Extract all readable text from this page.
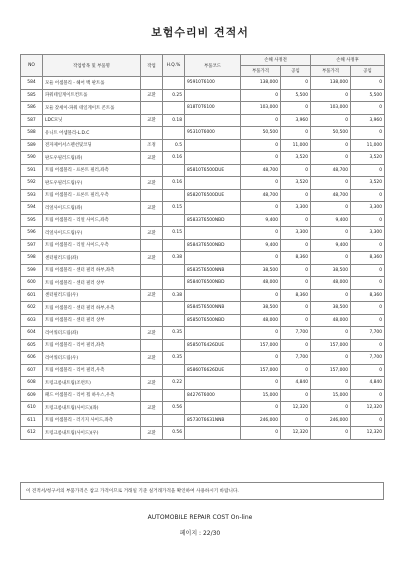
보험수리비 견적서
NO	작업항목 및 부품명	작업	H.Q.%	부품코드	손해 사정전		손해 사정후	
					부품가격	공임	부품가격	공임
584	모듈 어셈블리 - 헤어 백 판트롤			95910T6100	138,000	0	138,000	0
585	파워테일게이트컨트롤	교환	0.25		0	5,500	0	5,500
586	모듈 잦세이-파워 테일게이트 콘트롤			818T0T6100	103,000	0	103,000	0
587	LDC모닛	교환	0.18		0	3,960	0	3,960
588	유니트 어셈블리-L.D.C			95310T6000	50,500	0	50,500	0
589	전자제어서스펜션및코딩	조정	0.5		0	11,000	0	11,000
590	판도우필러드림(좌)	교환	0.16		0	3,520	0	3,520
591	트림 어셈블리 - 프론트 필러,좌측			85810T6500DUE	48,700	0	48,700	0
592	판도우필러드림(우)	교환	0.16		0	3,520	0	3,520
593	트림 어셈블리 - 프론트 필러,우측			85820T6500DUE	48,700	0	48,700	0
594	리얼사이드드림(좌)	교환	0.15		0	3,300	0	3,300
595	트림 어셈블리 - 리얼 사이드,좌측			85833T6500NBD	9,400	0	9,400	0
596	리얼사이드드림(우)	교환	0.15		0	3,300	0	3,300
597	트림 어셈블리 - 리얼 사이드,우측			85843T6500NBD	9,400	0	9,400	0
598	센터필러드림(좌)	교환	0.38		0	8,360	0	8,360
599	트림 어셈블리 - 센터 필러 하부,좌측			85835T6500NNB	38,500	0	38,500	0
600	트림 어셈블리 - 센터 필러 상부			85840T6500NBD	48,000	0	48,000	0
601	센터필러드림(우)	교환	0.38		0	8,360	0	8,360
602	트림 어셈블리 - 센터 필러 하부,우측			85845T6500NNB	38,500	0	38,500	0
603	트림 어셈블리 - 센터 필러 상부			85850T6500NBD	48,000	0	48,000	0
604	리어쿼터드림(좌)	교환	0.35		0	7,700	0	7,700
605	트림 어셈블리 - 리어 필러,좌측			85850T6426DUE	157,000	0	157,000	0
606	리어쿼터드림(우)	교환	0.35		0	7,700	0	7,700
607	트림 어셈블리 - 리어 필러,우측			85860T6626DUE	157,000	0	157,000	0
608	트렁크룸내트림(조련트)	교환	0.22		0	4,840	0	4,840
609	패드 어셈블리 - 리어 휠 하우스,우측			84276T6000	15,000	0	15,000	0
610	트렁크룸내트림(사이드)(좌)	교환	0.56		0	12,320	0	12,320
611	트림 어셈블리 - 러기지 사이드,좌측			85730T6631NNB	246,000	0	246,000	0
612	트렁크룸내트림(사이드)(우)	교환	0.56		0	12,320	0	12,320
이 견적서/청구서의 부품가격은 참고 가격이므로 거래일 기준 실거래가격을 확인하여 사용하시기 바랍니다.
AUTOMOBILE REPAIR COST On-line
페이지 : 22/30
